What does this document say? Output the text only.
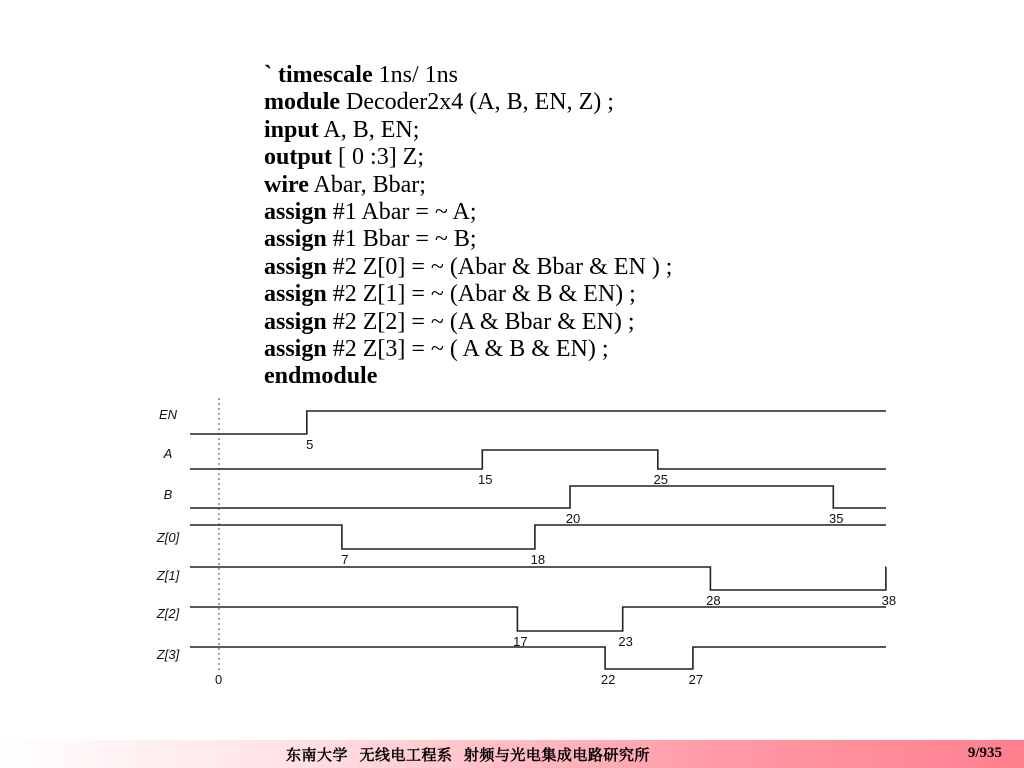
` timescale 1ns/ 1ns
module Decoder2x4 (A, B, EN, Z) ;
input A, B, EN;
output [ 0 :3] Z;
wire Abar, Bbar;
assign #1 Abar = ~ A;
assign #1 Bbar = ~ B;
assign #2 Z[0] = ~ (Abar & Bbar & EN ) ;
assign #2 Z[1] = ~ (Abar & B & EN) ;
assign #2 Z[2] = ~ (A & Bbar & EN) ;
assign #2 Z[3] = ~ ( A & B & EN) ;
endmodule
0
EN
5
A
15	25
B
20	35
Z[0]
7	18
Z[1]
28	38
Z[2]
17	23
Z[3]
22	27
东南大学  无线电工程系  射频与光电集成电路研究所	9/935
